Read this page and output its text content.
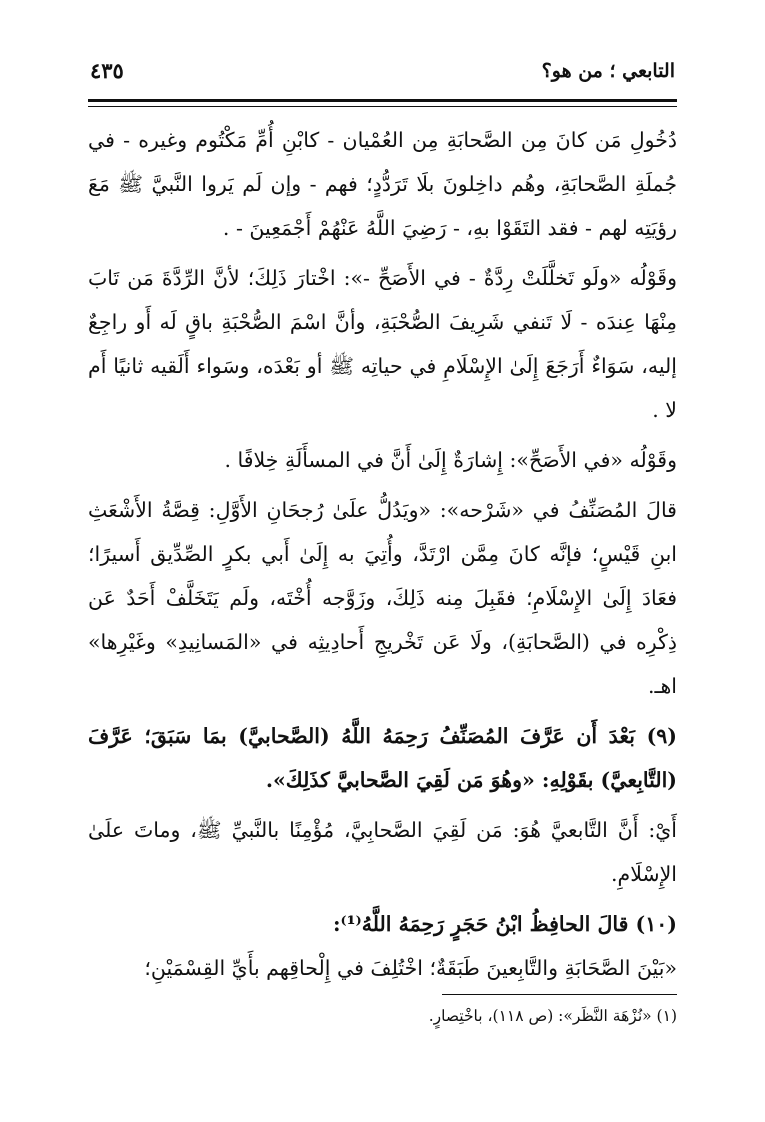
التابعي ؛ من هو؟
٤٣٥

دُخُولِ مَن كانَ مِن الصَّحابَةِ مِن العُمْيان - كابْنِ أُمِّ مَكْتُوم وغيره - في جُملَةِ الصَّحابَةِ، وهُم داخِلونَ بلَا تَرَدُّدٍ؛ فهم - وإن لَم يَروا النَّبيَّ ﷺ مَعَ رؤيَتِه لهم - فقد التَقَوْا بهِ، - رَضِيَ اللَّهُ عَنْهُمْ أَجْمَعِينَ - .

وقَوْلُه «ولَو تَخلَّلَتْ رِدَّةٌ - في الأَصَحِّ -»: اخْتارَ ذَلِكَ؛ لأنَّ الرِّدَّةَ مَن تَابَ مِنْهَا عِندَه - لَا تَنفي شَرِيفَ الصُّحْبَةِ، وأنَّ اسْمَ الصُّحْبَةِ باقٍ لَه أَو راجِعٌ إليه، سَوَاءٌ أَرَجَعَ إِلَىٰ الإِسْلَامِ في حياتِه ﷺ أو بَعْدَه، وسَواء أَلَقيه ثانيًا أَم لا .

وقَوْلُه «في الأَصَحِّ»: إِشارَةٌ إِلَىٰ أَنَّ في المسأَلَةِ خِلافًا .

قالَ المُصَنِّفُ في «شَرْحه»: «ويَدُلُّ علَىٰ رُجحَانِ الأَوَّلِ: قِصَّةُ الأَشْعَثِ ابنِ قَيْسٍ؛ فإنَّه كانَ مِمَّن ارْتَدَّ، وأُتِيَ به إِلَىٰ أَبي بكرٍ الصِّدِّيق أَسيرًا؛ فعَادَ إِلَىٰ الإِسْلَامِ؛ فقَبِلَ مِنه ذَلِكَ، وزَوَّجه أُخْتَه، ولَم يَتَخَلَّفْ أَحَدٌ عَن ذِكْرِه في (الصَّحابَةِ)، ولَا عَن تَخْريجِ أَحادِيثِه في «المَسانِيدِ» وغَيْرِها» اهـ.

(٩) بَعْدَ أَن عَرَّفَ المُصَنِّفُ رَحِمَهُ اللَّهُ (الصَّحابيَّ) بمَا سَبَقَ؛ عَرَّفَ (التَّابِعيَّ) بقَوْلِهِ: «وهُوَ مَن لَقِيَ الصَّحابيَّ كذَلِكَ».

أَيْ: أَنَّ التَّابعيَّ هُوَ: مَن لَقِيَ الصَّحابِيَّ، مُؤْمِنًا بالنَّبيِّ ﷺ، وماتَ علَىٰ الإِسْلَامِ.

(١٠) قالَ الحافِظُ ابْنُ حَجَرٍ رَحِمَهُ اللَّهُ⁽¹⁾:

«بَيْنَ الصَّحَابَةِ والتَّابِعينَ طَبَقَةٌ؛ اخْتُلِفَ في إِلْحاقِهم بأَيِّ القِسْمَيْنِ؛

(١) «نُزْهَة النَّظَر»: (ص ١١٨)، باخْتِصارٍ.
